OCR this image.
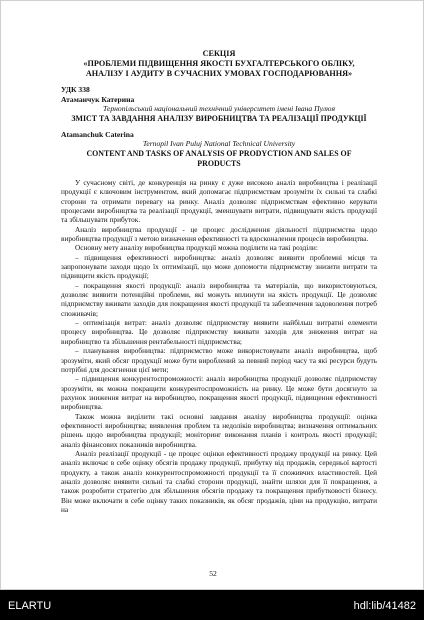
СЕКЦІЯ
«ПРОБЛЕМИ ПІДВИЩЕННЯ ЯКОСТІ БУХГАЛТЕРСЬКОГО ОБЛІКУ,
АНАЛІЗУ І АУДИТУ В СУЧАСНИХ УМОВАХ ГОСПОДАРЮВАННЯ»
УДК 338
Атаманчук Катерина
Тернопільський національний технічний університет імені Івана Пулюя
ЗМІСТ ТА ЗАВДАННЯ АНАЛІЗУ ВИРОБНИЦТВА ТА РЕАЛІЗАЦІЇ ПРОДУКЦІЇ
Atamanchuk Caterina
Ternopil Ivan Puluj National Technical University
CONTENT AND TASKS OF ANALYSIS OF PRODYCTION AND SALES OF
PRODUCTS

У сучасному світі, де конкуренція на ринку є дуже високою аналіз виробництва і реалізації продукції є ключовим інструментом, який допомагає підприємствам зрозуміти їх сильні та слабкі сторони та отримати перевагу на ринку. Аналіз дозволяє підприємствам ефективно керувати процесами виробництва та реалізації продукції, зменшувати витрати, підвищувати якість продукції та збільшувати прибуток.

Аналіз виробництва продукції - це процес дослідження діяльності підприємства щодо виробництва продукції з метою визначення ефективності та вдосконалення процесів виробництва.

Основну мету аналізу виробництва продукції можна поділити на такі розділи:

– підвищення ефективності виробництва: аналіз дозволяє виявити проблемні місця та запропонувати заходи щодо їх оптимізації, що може допомогти підприємству знизити витрати та підвищити якість продукції;

– покращення якості продукції: аналіз виробництва та матеріалів, що використовуються, дозволяє виявити потенційні проблеми, які можуть вплинути на якість продукції. Це дозволяє підприємству вживати заходів для покращення якості продукції та забезпечення задоволення потреб споживачів;

– оптимізація витрат: аналіз дозволяє підприємству виявити найбільш витратні елементи процесу виробництва. Це дозволяє підприємству вживати заходів для зниження витрат на виробництво та збільшення рентабельності підприємства;

– планування виробництва: підприємство може використовувати аналіз виробництва, щоб зрозуміти, який обсяг продукції може бути вироблений за певний період часу та які ресурси будуть потрібні для досягнення цієї мети;

– підвищення конкурентоспроможності: аналіз виробництва продукції дозволяє підприємству зрозуміти, як можна покращити конкурентоспроможність на ринку. Це може бути досягнуто за рахунок зниження витрат на виробництво, покращення якості продукції, підвищення ефективності виробництва.

Також можна виділити такі основні завдання аналізу виробництва продукції: оцінка ефективності виробництва; виявлення проблем та недоліків виробництва; визначення оптимальних рішень щодо виробництва продукції; моніторинг виконання планів і контроль якості продукції; аналіз фінансових показників виробництва.

Аналіз реалізації продукції - це процес оцінки ефективності продажу продукції на ринку. Цей аналіз включає в себе оцінку обсягів продажу продукції, прибутку від продажів, середньої вартості продукту, а також аналіз конкурентоспроможності продукції та її споживчих властивостей. Цей аналіз дозволяє виявити сильні та слабкі сторони продукції, знайти шляхи для її покращення, а також розробити стратегію для збільшення обсягів продажу та покращення прибутковості бізнесу. Він може включати в себе оцінку таких показників, як обсяг продажів, ціни на продукцію, витрати на

52
ELARTU	hdl:lib/41482
